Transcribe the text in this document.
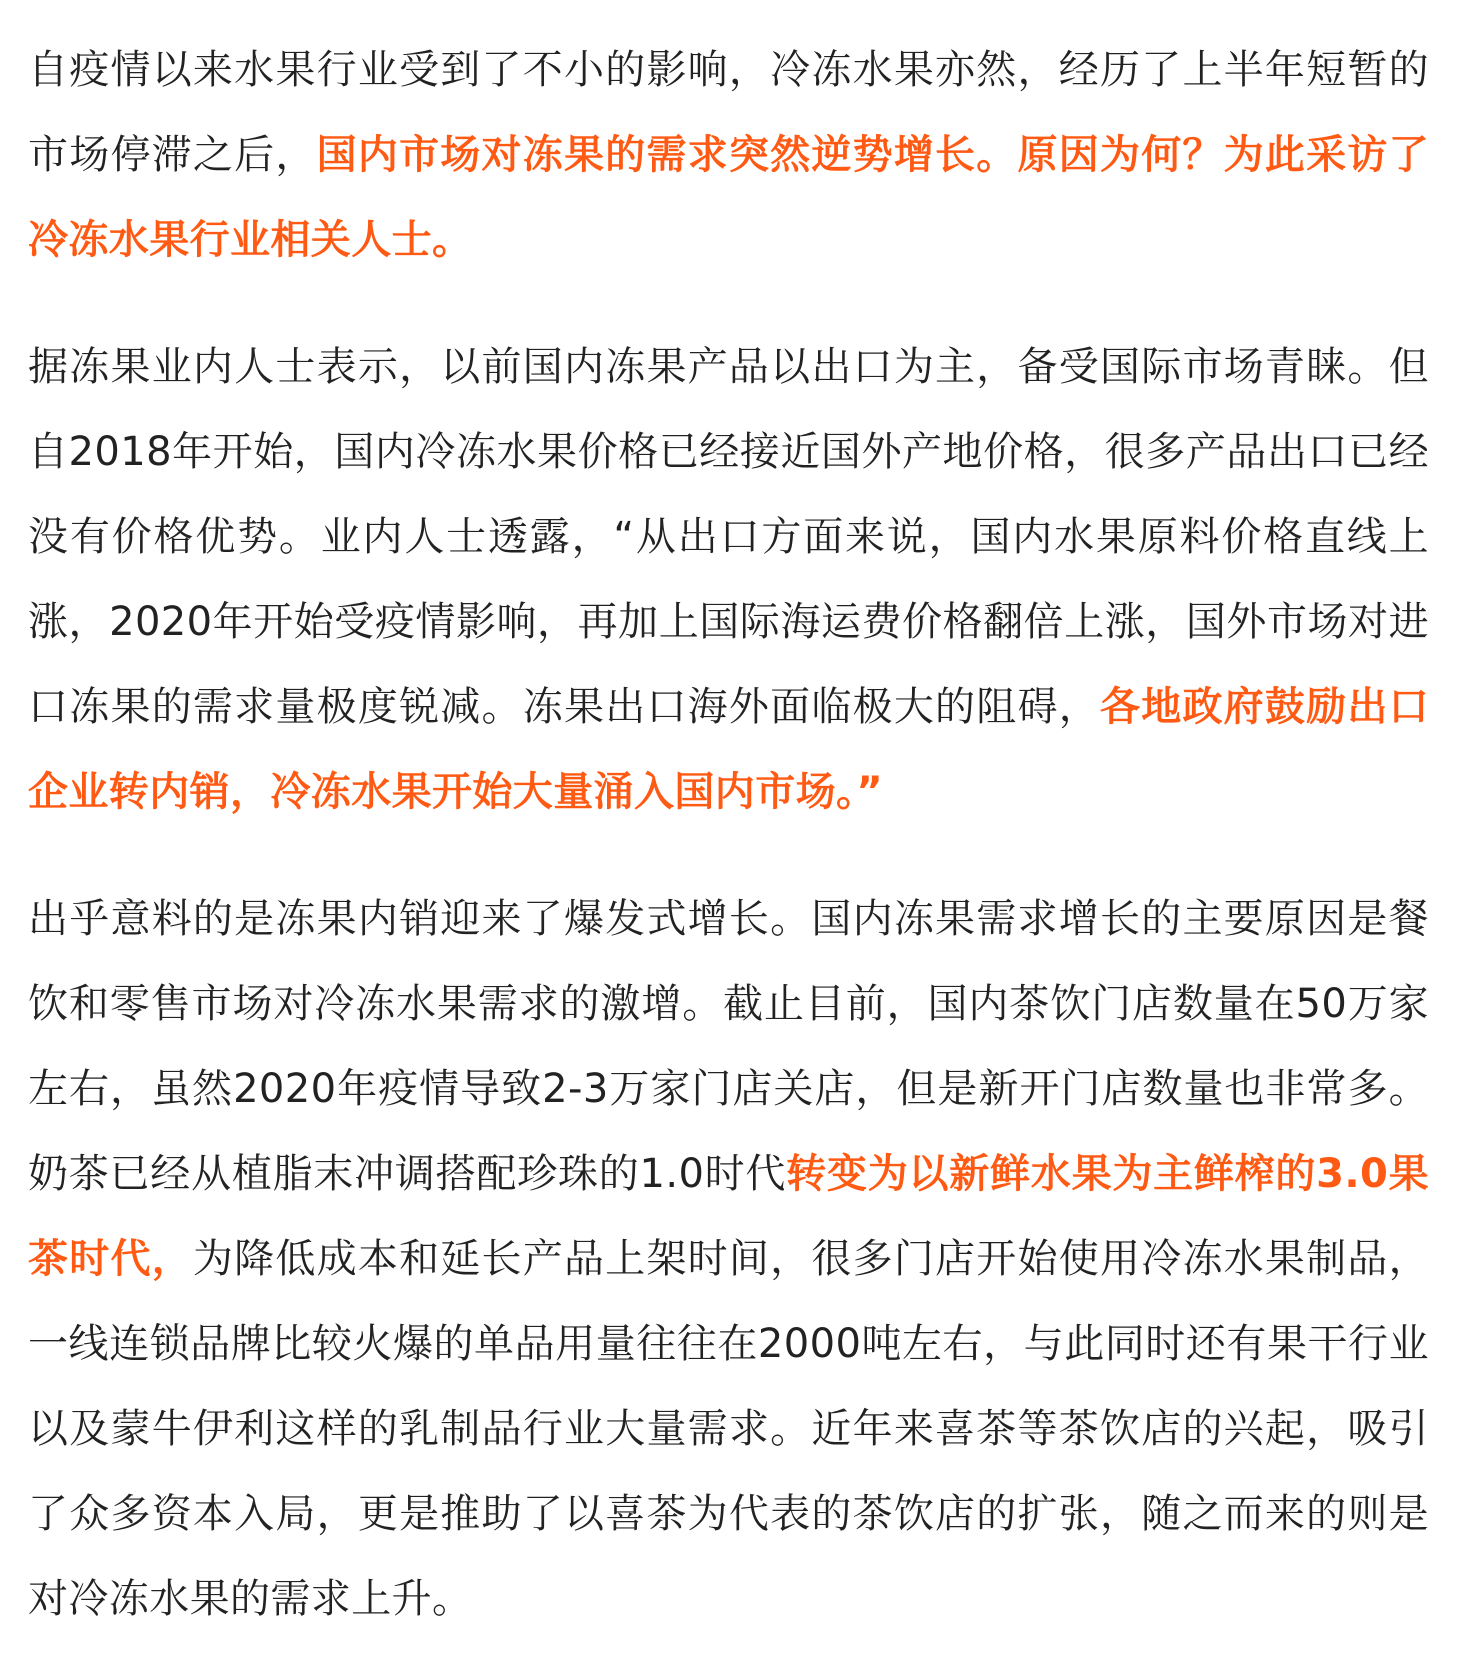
自疫情以来水果行业受到了不小的影响，冷冻水果亦然，经历了上半年短暂的市场停滞之后，国内市场对冻果的需求突然逆势增长。原因为何？为此采访了冷冻水果行业相关人士。

据冻果业内人士表示，以前国内冻果产品以出口为主，备受国际市场青睐。但自2018年开始，国内冷冻水果价格已经接近国外产地价格，很多产品出口已经没有价格优势。业内人士透露，“从出口方面来说，国内水果原料价格直线上涨，2020年开始受疫情影响，再加上国际海运费价格翻倍上涨，国外市场对进口冻果的需求量极度锐减。冻果出口海外面临极大的阻碍，各地政府鼓励出口企业转内销，冷冻水果开始大量涌入国内市场。”

出乎意料的是冻果内销迎来了爆发式增长。国内冻果需求增长的主要原因是餐饮和零售市场对冷冻水果需求的激增。截止目前，国内茶饮门店数量在50万家左右，虽然2020年疫情导致2-3万家门店关店，但是新开门店数量也非常多。奶茶已经从植脂末冲调搭配珍珠的1.0时代转变为以新鲜水果为主鲜榨的3.0果茶时代，为降低成本和延长产品上架时间，很多门店开始使用冷冻水果制品，一线连锁品牌比较火爆的单品用量往往在2000吨左右，与此同时还有果干行业以及蒙牛伊利这样的乳制品行业大量需求。近年来喜茶等茶饮店的兴起，吸引了众多资本入局，更是推助了以喜茶为代表的茶饮店的扩张，随之而来的则是对冷冻水果的需求上升。
